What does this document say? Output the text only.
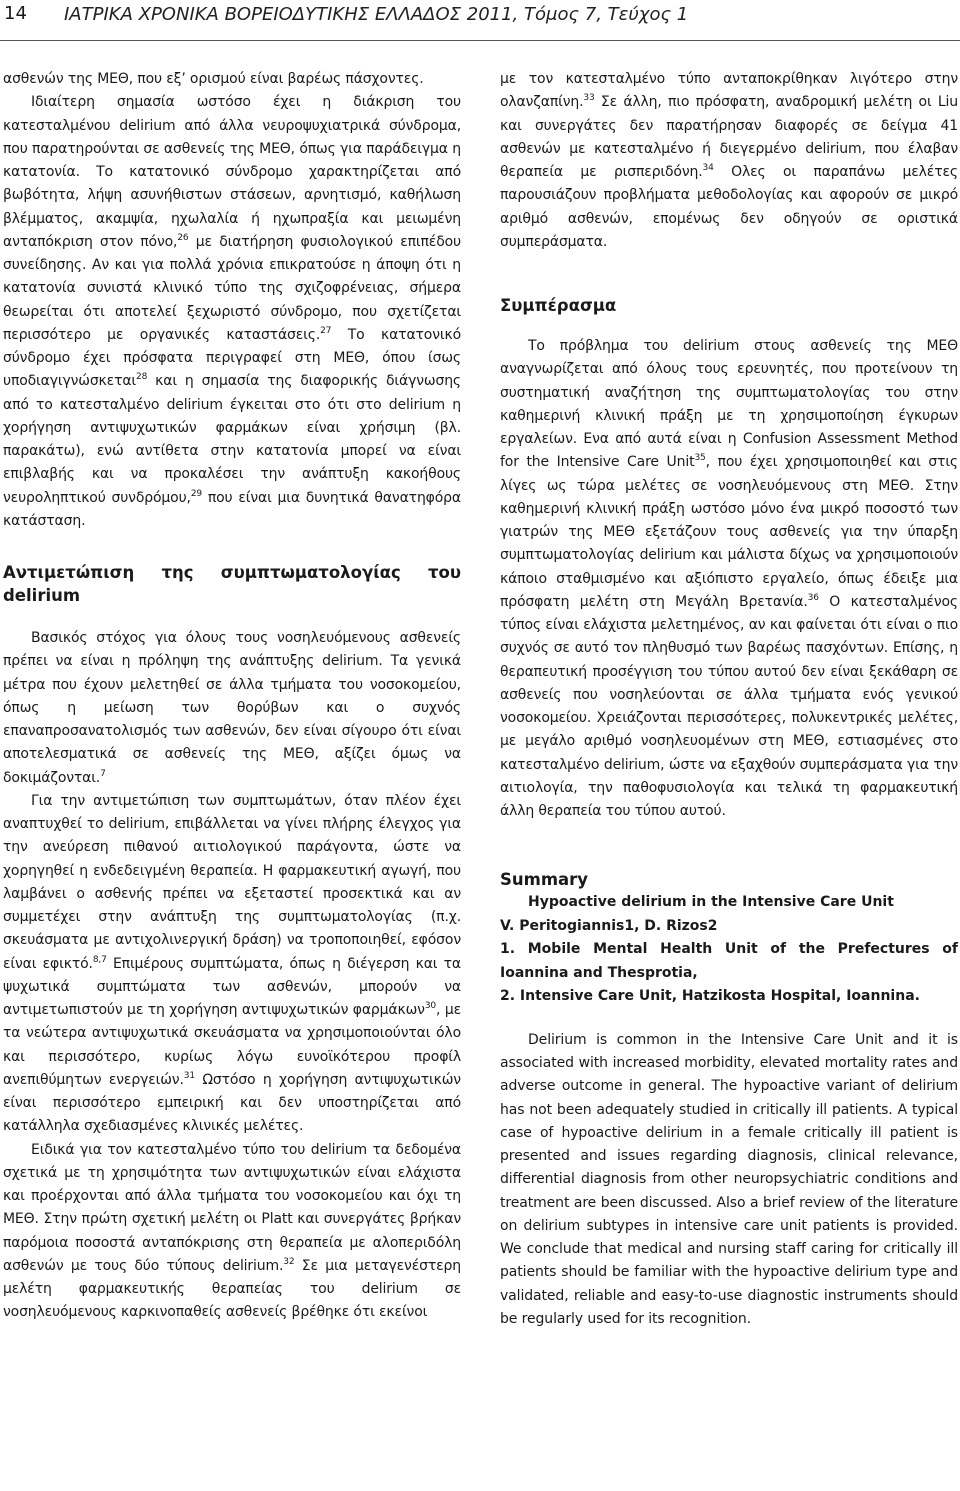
14 ΙΑΤΡΙΚΑ ΧΡΟΝΙΚΑ ΒΟΡΕΙΟΔΥΤΙΚΗΣ ΕΛΛΑΔΟΣ 2011, Τόμος 7, Τεύχος 1

ασθενών της ΜΕΘ, που εξ’ ορισμού είναι βαρέως πάσχοντες.

Ιδιαίτερη σημασία ωστόσο έχει η διάκριση του κατεσταλμένου delirium από άλλα νευροψυχιατρικά σύνδρομα, που παρατηρούνται σε ασθενείς της ΜΕΘ, όπως για παράδειγμα η κατατονία. Το κατατονικό σύνδρομο χαρακτηρίζεται από βωβότητα, λήψη ασυνήθιστων στάσεων, αρνητισμό, καθήλωση βλέμματος, ακαμψία, ηχωλαλία ή ηχωπραξία και μειωμένη ανταπόκριση στον πόνο,$^{26}$ με διατήρηση φυσιολογικού επιπέδου συνείδησης. Αν και για πολλά χρόνια επικρατούσε η άποψη ότι η κατατονία συνιστά κλινικό τύπο της σχιζοφρένειας, σήμερα θεωρείται ότι αποτελεί ξεχωριστό σύνδρομο, που σχετίζεται περισσότερο με οργανικές καταστάσεις.$^{27}$ Το κατατονικό σύνδρομο έχει πρόσφατα περιγραφεί στη ΜΕΘ, όπου ίσως υποδιαγιγνώσκεται$^{28}$ και η σημασία της διαφορικής διάγνωσης από το κατεσταλμένο delirium έγκειται στο ότι στο delirium η χορήγηση αντιψυχωτικών φαρμάκων είναι χρήσιμη (βλ. παρακάτω), ενώ αντίθετα στην κατατονία μπορεί να είναι επιβλαβής και να προκαλέσει την ανάπτυξη κακοήθους νευροληπτικού συνδρόμου,$^{29}$ που είναι μια δυνητικά θανατηφόρα κατάσταση.

Αντιμετώπιση της συμπτωματολογίας του delirium

Βασικός στόχος για όλους τους νοσηλευόμενους ασθενείς πρέπει να είναι η πρόληψη της ανάπτυξης delirium. Τα γενικά μέτρα που έχουν μελετηθεί σε άλλα τμήματα του νοσοκομείου, όπως η μείωση των θορύβων και ο συχνός επαναπροσανατολισμός των ασθενών, δεν είναι σίγουρο ότι είναι αποτελεσματικά σε ασθενείς της ΜΕΘ, αξίζει όμως να δοκιμάζονται.$^7$

Για την αντιμετώπιση των συμπτωμάτων, όταν πλέον έχει αναπτυχθεί το delirium, επιβάλλεται να γίνει πλήρης έλεγχος για την ανεύρεση πιθανού αιτιολογικού παράγοντα, ώστε να χορηγηθεί η ενδεδειγμένη θεραπεία. Η φαρμακευτική αγωγή, που λαμβάνει ο ασθενής πρέπει να εξεταστεί προσεκτικά και αν συμμετέχει στην ανάπτυξη της συμπτωματολογίας (π.χ. σκευάσματα με αντιχολινεργική δράση) να τροποποιηθεί, εφόσον είναι εφικτό.$^{8,7}$ Επιμέρους συμπτώματα, όπως η διέγερση και τα ψυχωτικά συμπτώματα των ασθενών, μπορούν να αντιμετωπιστούν με τη χορήγηση αντιψυχωτικών φαρμάκων$^{30}$, με τα νεώτερα αντιψυχωτικά σκευάσματα να χρησιμοποιούνται όλο και περισσότερο, κυρίως λόγω ευνοϊκότερου προφίλ ανεπιθύμητων ενεργειών.$^{31}$ Ωστόσο η χορήγηση αντιψυχωτικών είναι περισσότερο εμπειρική και δεν υποστηρίζεται από κατάλληλα σχεδιασμένες κλινικές μελέτες.

Ειδικά για τον κατεσταλμένο τύπο του delirium τα δεδομένα σχετικά με τη χρησιμότητα των αντιψυχωτικών είναι ελάχιστα και προέρχονται από άλλα τμήματα του νοσοκομείου και όχι τη ΜΕΘ. Στην πρώτη σχετική μελέτη οι Platt και συνεργάτες βρήκαν παρόμοια ποσοστά ανταπόκρισης στη θεραπεία με αλοπεριδόλη ασθενών με τους δύο τύπους delirium.$^{32}$ Σε μια μεταγενέστερη μελέτη φαρμακευτικής θεραπείας του delirium σε νοσηλευόμενους καρκινοπαθείς ασθενείς βρέθηκε ότι εκείνοι

με τον κατεσταλμένο τύπο ανταποκρίθηκαν λιγότερο στην ολανζαπίνη.$^{33}$ Σε άλλη, πιο πρόσφατη, αναδρομική μελέτη οι Liu και συνεργάτες δεν παρατήρησαν διαφορές σε δείγμα 41 ασθενών με κατεσταλμένο ή διεγερμένο delirium, που έλαβαν θεραπεία με ρισπεριδόνη.$^{34}$ Ολες οι παραπάνω μελέτες παρουσιάζουν προβλήματα μεθοδολογίας και αφορούν σε μικρό αριθμό ασθενών, επομένως δεν οδηγούν σε οριστικά συμπεράσματα.

Συμπέρασμα

Το πρόβλημα του delirium στους ασθενείς της ΜΕΘ αναγνωρίζεται από όλους τους ερευνητές, που προτείνουν τη συστηματική αναζήτηση της συμπτωματολογίας του στην καθημερινή κλινική πράξη με τη χρησιμοποίηση έγκυρων εργαλείων. Ενα από αυτά είναι η Confusion Assessment Method for the Intensive Care Unit$^{35}$, που έχει χρησιμοποιηθεί και στις λίγες ως τώρα μελέτες σε νοσηλευόμενους στη ΜΕΘ. Στην καθημερινή κλινική πράξη ωστόσο μόνο ένα μικρό ποσοστό των γιατρών της ΜΕΘ εξετάζουν τους ασθενείς για την ύπαρξη συμπτωματολογίας delirium και μάλιστα δίχως να χρησιμοποιούν κάποιο σταθμισμένο και αξιόπιστο εργαλείο, όπως έδειξε μια πρόσφατη μελέτη στη Μεγάλη Βρετανία.$^{36}$ Ο κατεσταλμένος τύπος είναι ελάχιστα μελετημένος, αν και φαίνεται ότι είναι ο πιο συχνός σε αυτό τον πληθυσμό των βαρέως πασχόντων. Επίσης, η θεραπευτική προσέγγιση του τύπου αυτού δεν είναι ξεκάθαρη σε ασθενείς που νοσηλεύονται σε άλλα τμήματα ενός γενικού νοσοκομείου. Χρειάζονται περισσότερες, πολυκεντρικές μελέτες, με μεγάλο αριθμό νοσηλευομένων στη ΜΕΘ, εστιασμένες στο κατεσταλμένο delirium, ώστε να εξαχθούν συμπεράσματα για την αιτιολογία, την παθοφυσιολογία και τελικά τη φαρμακευτική άλλη θεραπεία του τύπου αυτού.

Summary
Hypoactive delirium in the Intensive Care Unit
V. Peritogiannis1, D. Rizos2
1. Mobile Mental Health Unit of the Prefectures of Ioannina and Thesprotia,
2. Intensive Care Unit, Hatzikosta Hospital, Ioannina.

Delirium is common in the Intensive Care Unit and it is associated with increased morbidity, elevated mortality rates and adverse outcome in general. The hypoactive variant of delirium has not been adequately studied in critically ill patients. A typical case of hypoactive delirium in a female critically ill patient is presented and issues regarding diagnosis, clinical relevance, differential diagnosis from other neuropsychiatric conditions and treatment are been discussed. Also a brief review of the literature on delirium subtypes in intensive care unit patients is provided. We conclude that medical and nursing staff caring for critically ill patients should be familiar with the hypoactive delirium type and validated, reliable and easy-to-use diagnostic instruments should be regularly used for its recognition.
